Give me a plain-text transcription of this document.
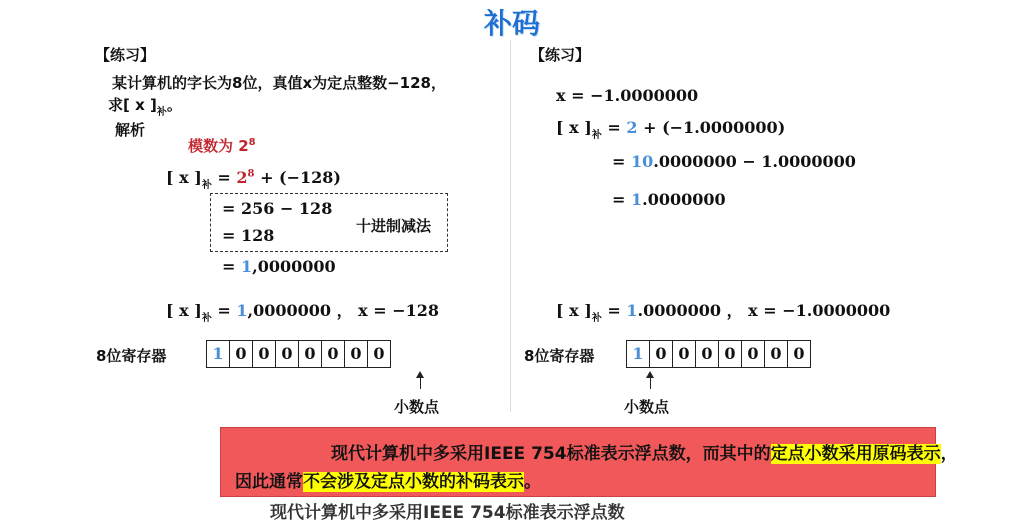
补码
【练习】
某计算机的字长为8位，真值x为定点整数−128，
求[ x ]$_补$。
解析
模数为 $2^8$
[ x ]$_补 = 2^8 + (-128)$
= 256 − 128
= 128	十进制减法
= 1,0000000
[ x ]$_补 = 1,0000000$ ， x = −128
8位寄存器	1 0 0 0 0 0 0 0
小数点
【练习】
x = −1.0000000
[ x ]$_补 = 2 + (-1.0000000)$
= 10.0000000 − 1.0000000
= 1.0000000
[ x ]$_补 = 1.0000000$ ， x = −1.0000000
8位寄存器	1 0 0 0 0 0 0 0
小数点

现代计算机中多采用IEEE 754标准表示浮点数，而其中的定点小数采用原码表示，

因此通常不会涉及定点小数的补码表示。

现代计算机中多采用IEEE 754标准表示浮点数
